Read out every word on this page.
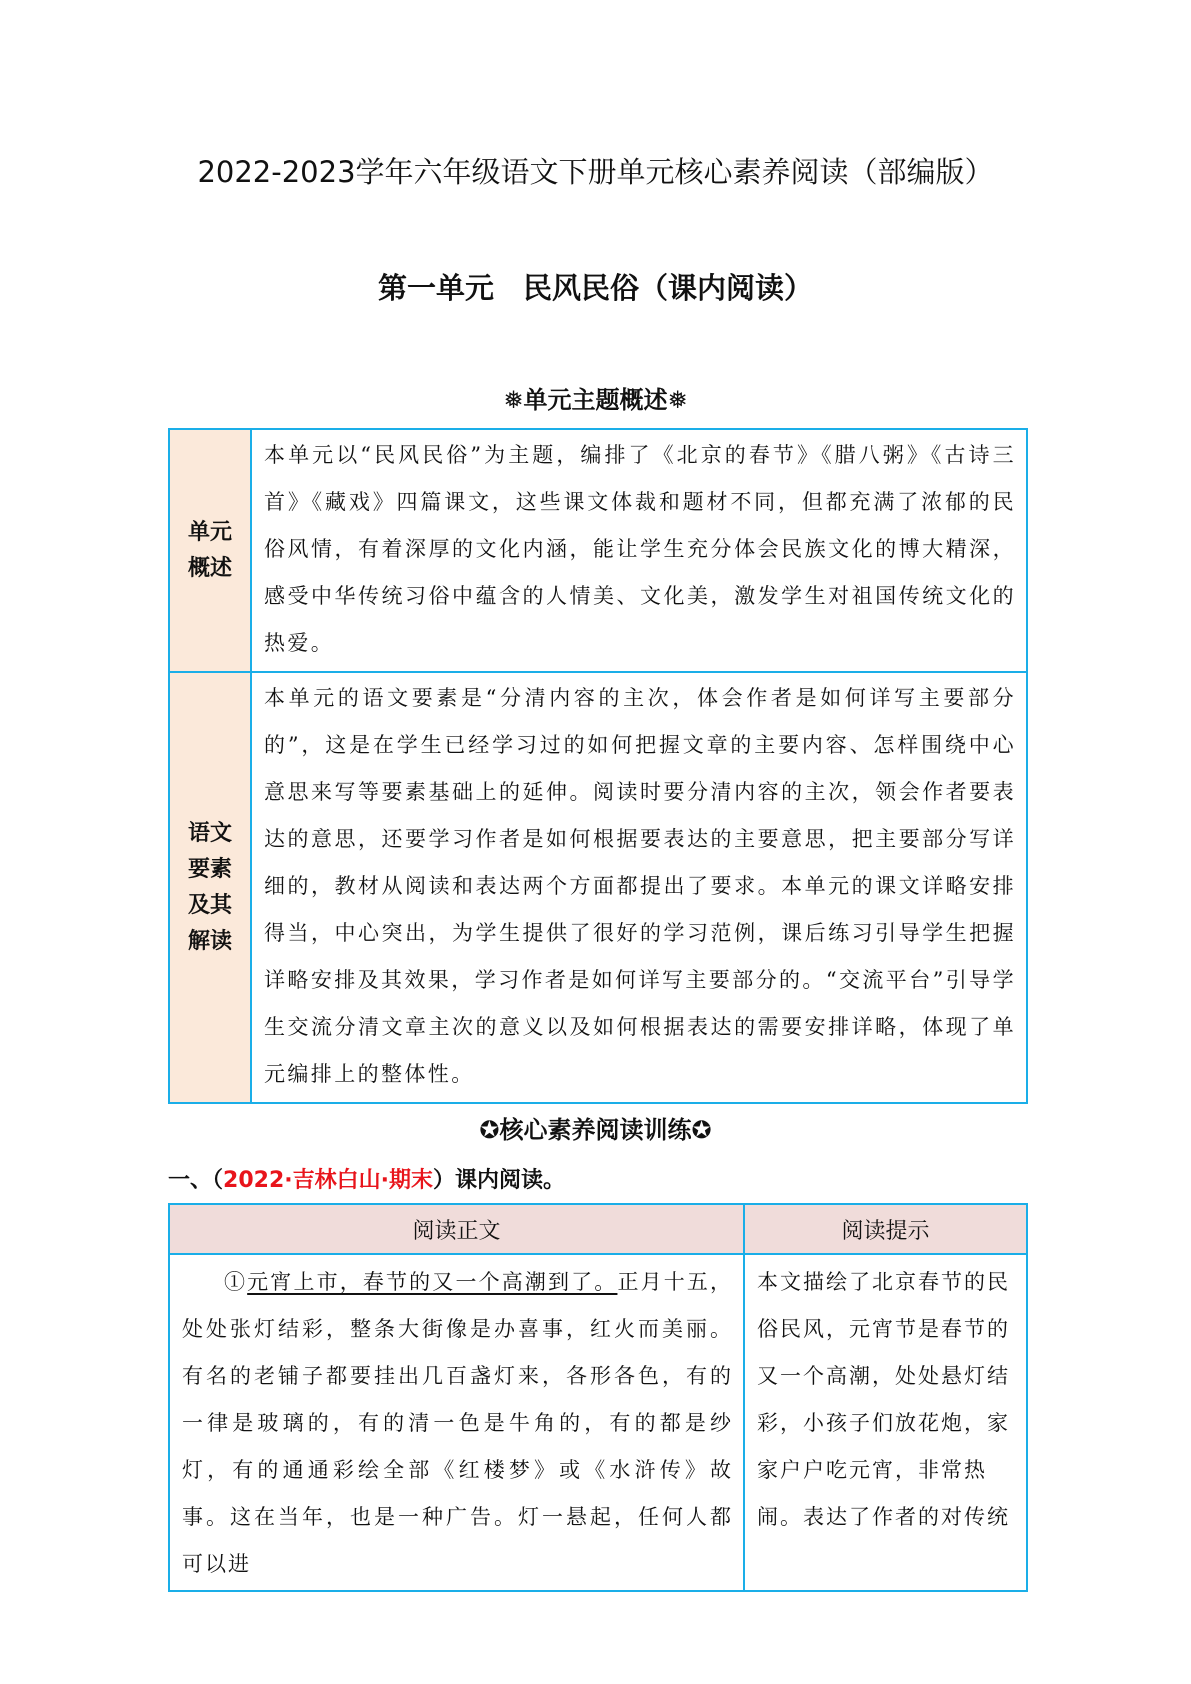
2022-2023学年六年级语文下册单元核心素养阅读（部编版）
第一单元　民风民俗（课内阅读）
❅单元主题概述❅
单元
概述	本单元以“民风民俗”为主题，编排了《北京的春节》《腊八粥》《古诗三首》《藏戏》四篇课文，这些课文体裁和题材不同，但都充满了浓郁的民俗风情，有着深厚的文化内涵，能让学生充分体会民族文化的博大精深，感受中华传统习俗中蕴含的人情美、文化美，激发学生对祖国传统文化的热爱。

语文
要素
及其
解读
	本单元的语文要素是“分清内容的主次，体会作者是如何详写主要部分的”，这是在学生已经学习过的如何把握文章的主要内容、怎样围绕中心意思来写等要素基础上的延伸。阅读时要分清内容的主次，领会作者要表达的意思，还要学习作者是如何根据要表达的主要意思，把主要部分写详细的，教材从阅读和表达两个方面都提出了要求。本单元的课文详略安排得当，中心突出，为学生提供了很好的学习范例，课后练习引导学生把握详略安排及其效果，学习作者是如何详写主要部分的。“交流平台”引导学生交流分清文章主次的意义以及如何根据表达的需要安排详略，体现了单元编排上的整体性。
✪核心素养阅读训练✪
一、（2022·吉林白山·期末）课内阅读。
阅读正文	阅读提示
①元宵上市，春节的又一个高潮到了。正月十五，处处张灯结彩，整条大街像是办喜事，红火而美丽。有名的老铺子都要挂出几百盏灯来，各形各色，有的一律是玻璃的，有的清一色是牛角的，有的都是纱灯，有的通通彩绘全部《红楼梦》或《水浒传》故事。这在当年，也是一种广告。灯一悬起，任何人都可以进	本文描绘了北京春节的民俗民风，元宵节是春节的又一个高潮，处处悬灯结彩，小孩子们放花炮，家家户户吃元宵，非常热闹。表达了作者的对传统
